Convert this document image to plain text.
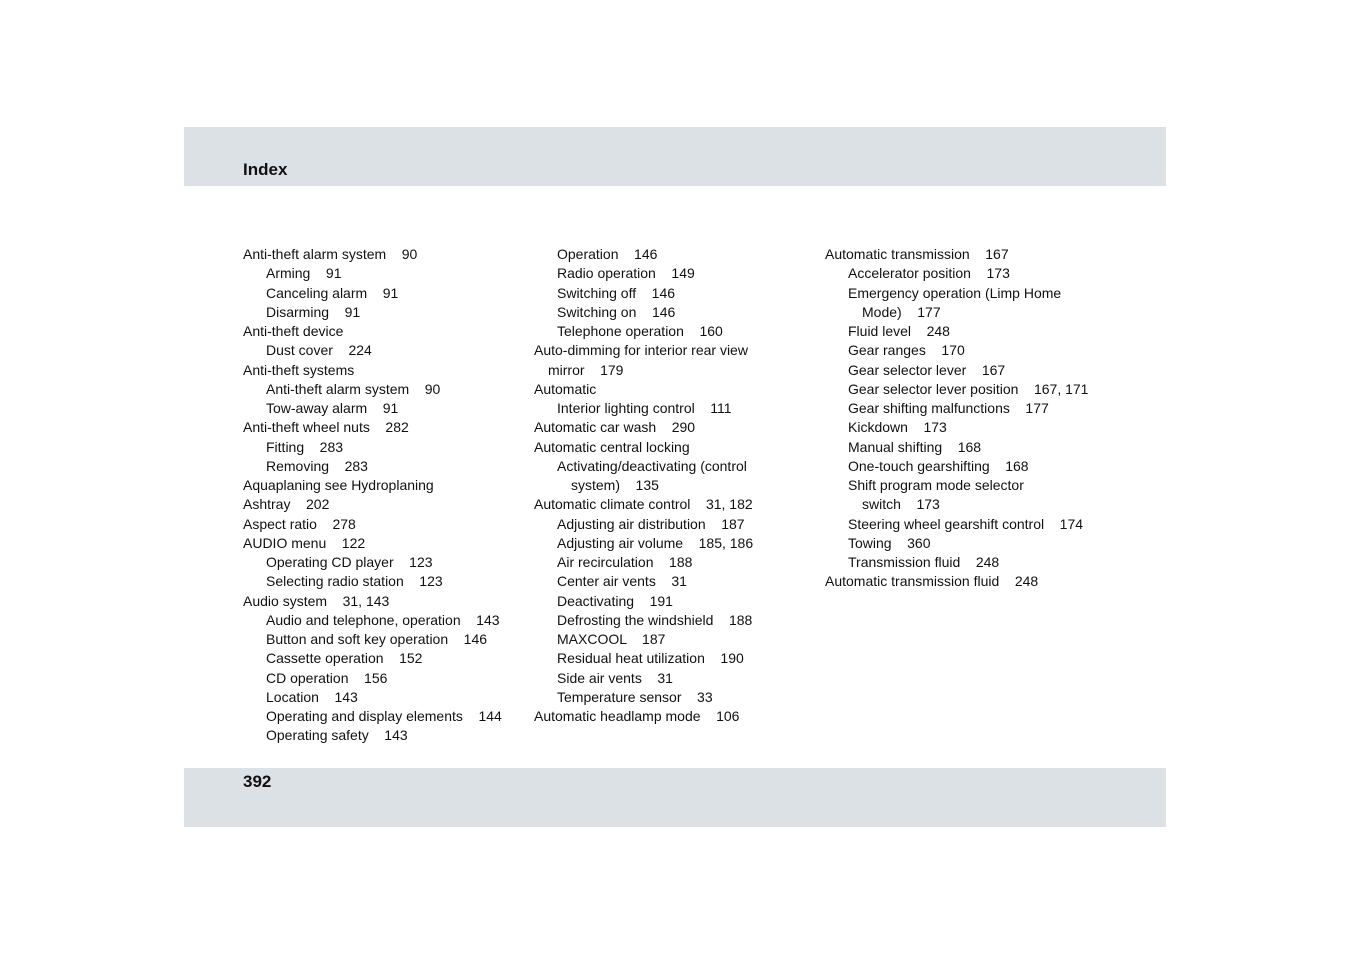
Index
Anti-theft alarm system    90
Arming    91
Canceling alarm    91
Disarming    91
Anti-theft device
Dust cover    224
Anti-theft systems
Anti-theft alarm system    90
Tow-away alarm    91
Anti-theft wheel nuts    282
Fitting    283
Removing    283
Aquaplaning see Hydroplaning
Ashtray    202
Aspect ratio    278
AUDIO menu    122
Operating CD player    123
Selecting radio station    123
Audio system    31, 143
Audio and telephone, operation    143
Button and soft key operation    146
Cassette operation    152
CD operation    156
Location    143
Operating and display elements    144
Operating safety    143
Operation    146
Radio operation    149
Switching off    146
Switching on    146
Telephone operation    160
Auto-dimming for interior rear view
mirror    179
Automatic
Interior lighting control    111
Automatic car wash    290
Automatic central locking
Activating/deactivating (control
system)    135
Automatic climate control    31, 182
Adjusting air distribution    187
Adjusting air volume    185, 186
Air recirculation    188
Center air vents    31
Deactivating    191
Defrosting the windshield    188
MAXCOOL    187
Residual heat utilization    190
Side air vents    31
Temperature sensor    33
Automatic headlamp mode    106
Automatic transmission    167
Accelerator position    173
Emergency operation (Limp Home
Mode)    177
Fluid level    248
Gear ranges    170
Gear selector lever    167
Gear selector lever position    167, 171
Gear shifting malfunctions    177
Kickdown    173
Manual shifting    168
One-touch gearshifting    168
Shift program mode selector
switch    173
Steering wheel gearshift control    174
Towing    360
Transmission fluid    248
Automatic transmission fluid    248
392
